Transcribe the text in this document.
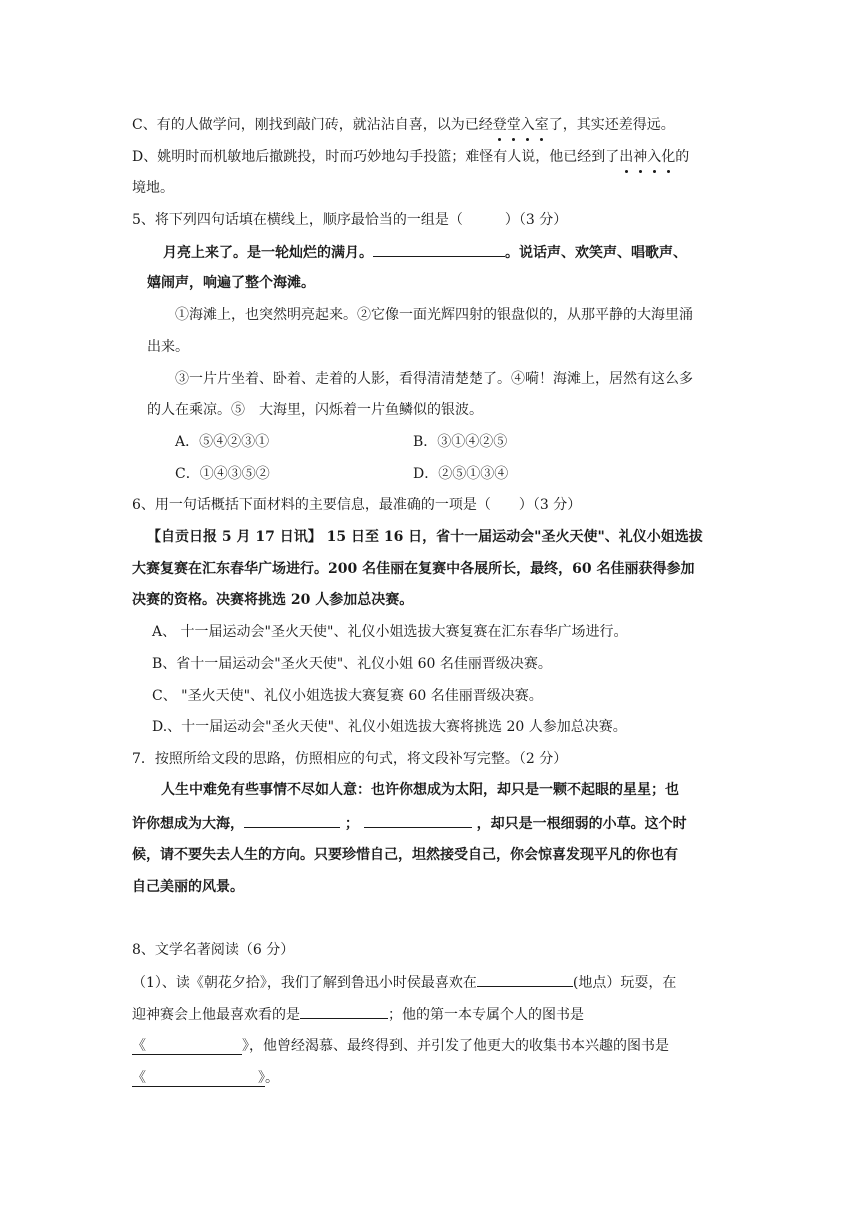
C、有的人做学问，刚找到敲门砖，就沾沾自喜，以为已经登堂入室了，其实还差得远。
D、姚明时而机敏地后撤跳投，时而巧妙地勾手投篮；难怪有人说，他已经到了出神入化的
境地。
5、将下列四句话填在横线上，顺序最恰当的一组是（　　　）（3 分）
月亮上来了。是一轮灿烂的满月。	。说话声、欢笑声、唱歌声、
嬉闹声，响遍了整个海滩。
①海滩上，也突然明亮起来。②它像一面光辉四射的银盘似的，从那平静的大海里涌
出来。
③一片片坐着、卧着、走着的人影，看得清清楚楚了。④嗬！海滩上，居然有这么多
的人在乘凉。⑤　大海里，闪烁着一片鱼鳞似的银波。
A．⑤④②③①	B．③①④②⑤
C．①④③⑤②	D．②⑤①③④
6、用一句话概括下面材料的主要信息，最准确的一项是（　　）（3 分）
【自贡日报 5 月 17 日讯】 15 日至 16 日，省十一届运动会"圣火天使"、礼仪小姐选拔
大赛复赛在汇东春华广场进行。200 名佳丽在复赛中各展所长，最终，60 名佳丽获得参加
决赛的资格。决赛将挑选 20 人参加总决赛。
A、 十一届运动会"圣火天使"、礼仪小姐选拔大赛复赛在汇东春华广场进行。
B、省十一届运动会"圣火天使"、礼仪小姐 60 名佳丽晋级决赛。
C、 "圣火天使"、礼仪小姐选拔大赛复赛 60 名佳丽晋级决赛。
D.、十一届运动会"圣火天使"、礼仪小姐选拔大赛将挑选 20 人参加总决赛。
7．按照所给文段的思路，仿照相应的句式，将文段补写完整。（2 分）
人生中难免有些事情不尽如人意：也许你想成为太阳，却只是一颗不起眼的星星；也
许你想成为大海，	；	，却只是一根细弱的小草。这个时
候，请不要失去人生的方向。只要珍惜自己，坦然接受自己，你会惊喜发现平凡的你也有
自己美丽的风景。
8、文学名著阅读（6 分）
（1）、读《朝花夕拾》，我们了解到鲁迅小时侯最喜欢在	(地点）玩耍，在
迎神赛会上他最喜欢看的是	；他的第一本专属个人的图书是
《	》，他曾经渴慕、最终得到、并引发了他更大的收集书本兴趣的图书是
《	》。
